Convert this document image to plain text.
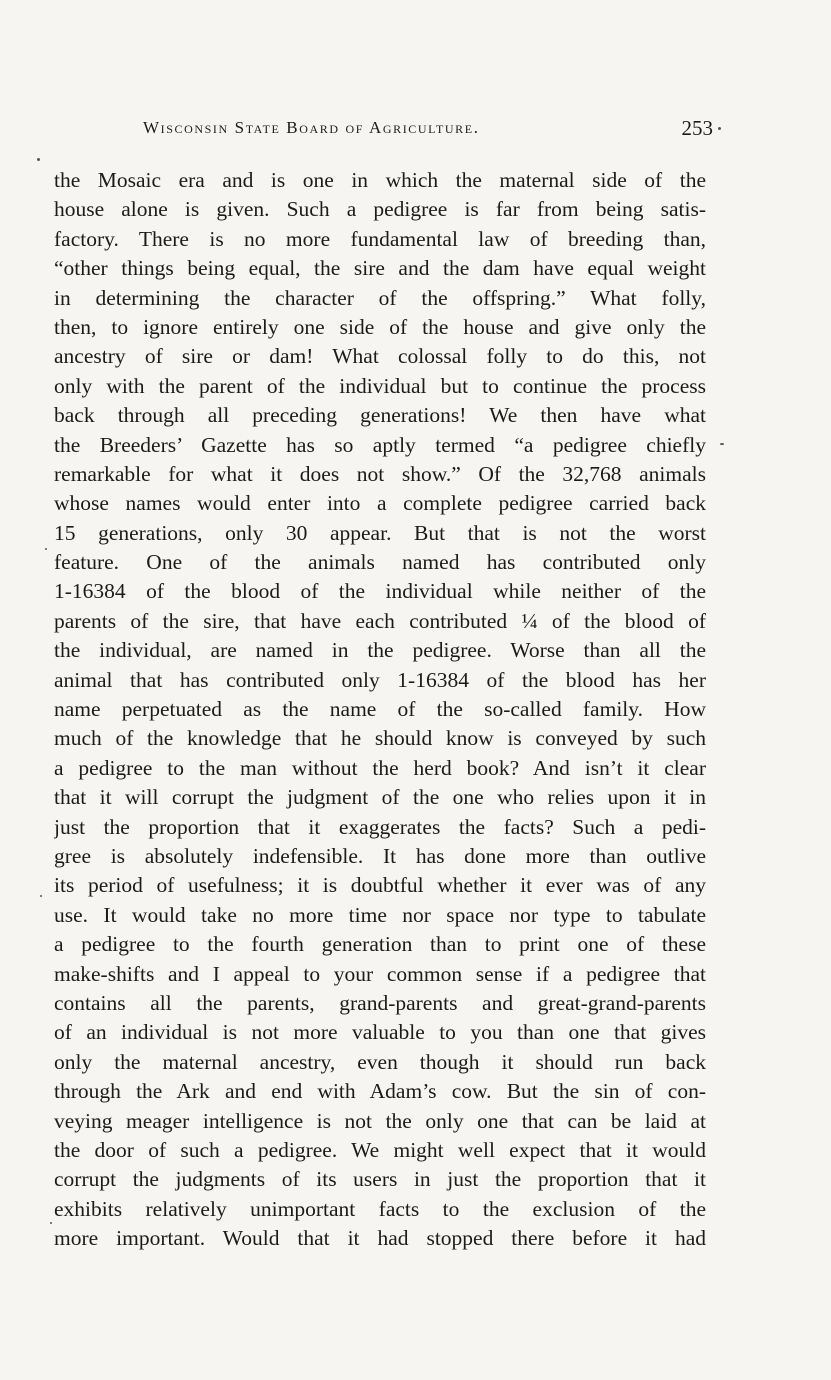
Wisconsin State Board of Agriculture.	253
the Mosaic era and is one in which the maternal side of the
house alone is given. Such a pedigree is far from being satis-
factory. There is no more fundamental law of breeding than,
“other things being equal, the sire and the dam have equal weight
in determining the character of the offspring.” What folly,
then, to ignore entirely one side of the house and give only the
ancestry of sire or dam! What colossal folly to do this, not
only with the parent of the individual but to continue the process
back through all preceding generations! We then have what
the Breeders’ Gazette has so aptly termed “a pedigree chiefly
remarkable for what it does not show.” Of the 32,768 animals
whose names would enter into a complete pedigree carried back
15 generations, only 30 appear. But that is not the worst
feature. One of the animals named has contributed only
1-16384 of the blood of the individual while neither of the
parents of the sire, that have each contributed ¼ of the blood of
the individual, are named in the pedigree. Worse than all the
animal that has contributed only 1-16384 of the blood has her
name perpetuated as the name of the so-called family. How
much of the knowledge that he should know is conveyed by such
a pedigree to the man without the herd book? And isn’t it clear
that it will corrupt the judgment of the one who relies upon it in
just the proportion that it exaggerates the facts? Such a pedi-
gree is absolutely indefensible. It has done more than outlive
its period of usefulness; it is doubtful whether it ever was of any
use. It would take no more time nor space nor type to tabulate
a pedigree to the fourth generation than to print one of these
make-shifts and I appeal to your common sense if a pedigree that
contains all the parents, grand-parents and great-grand-parents
of an individual is not more valuable to you than one that gives
only the maternal ancestry, even though it should run back
through the Ark and end with Adam’s cow. But the sin of con-
veying meager intelligence is not the only one that can be laid at
the door of such a pedigree. We might well expect that it would
corrupt the judgments of its users in just the proportion that it
exhibits relatively unimportant facts to the exclusion of the
more important. Would that it had stopped there before it had
